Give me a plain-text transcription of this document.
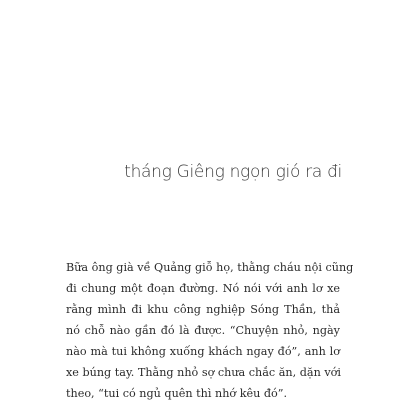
tháng Giêng ngọn gió ra đi
Bữa ông già về Quảng giỗ họ, thằng cháu nội cũng
đi chung một đoạn đường. Nó nói với anh lơ xe
rằng mình đi khu công nghiệp Sóng Thần, thả
nó chỗ nào gần đó là được. “Chuyện nhỏ, ngày
nào mà tui không xuống khách ngay đó”, anh lơ
xe búng tay. Thằng nhỏ sợ chưa chắc ăn, dặn với
theo, “tui có ngủ quên thì nhớ kêu đó”.
